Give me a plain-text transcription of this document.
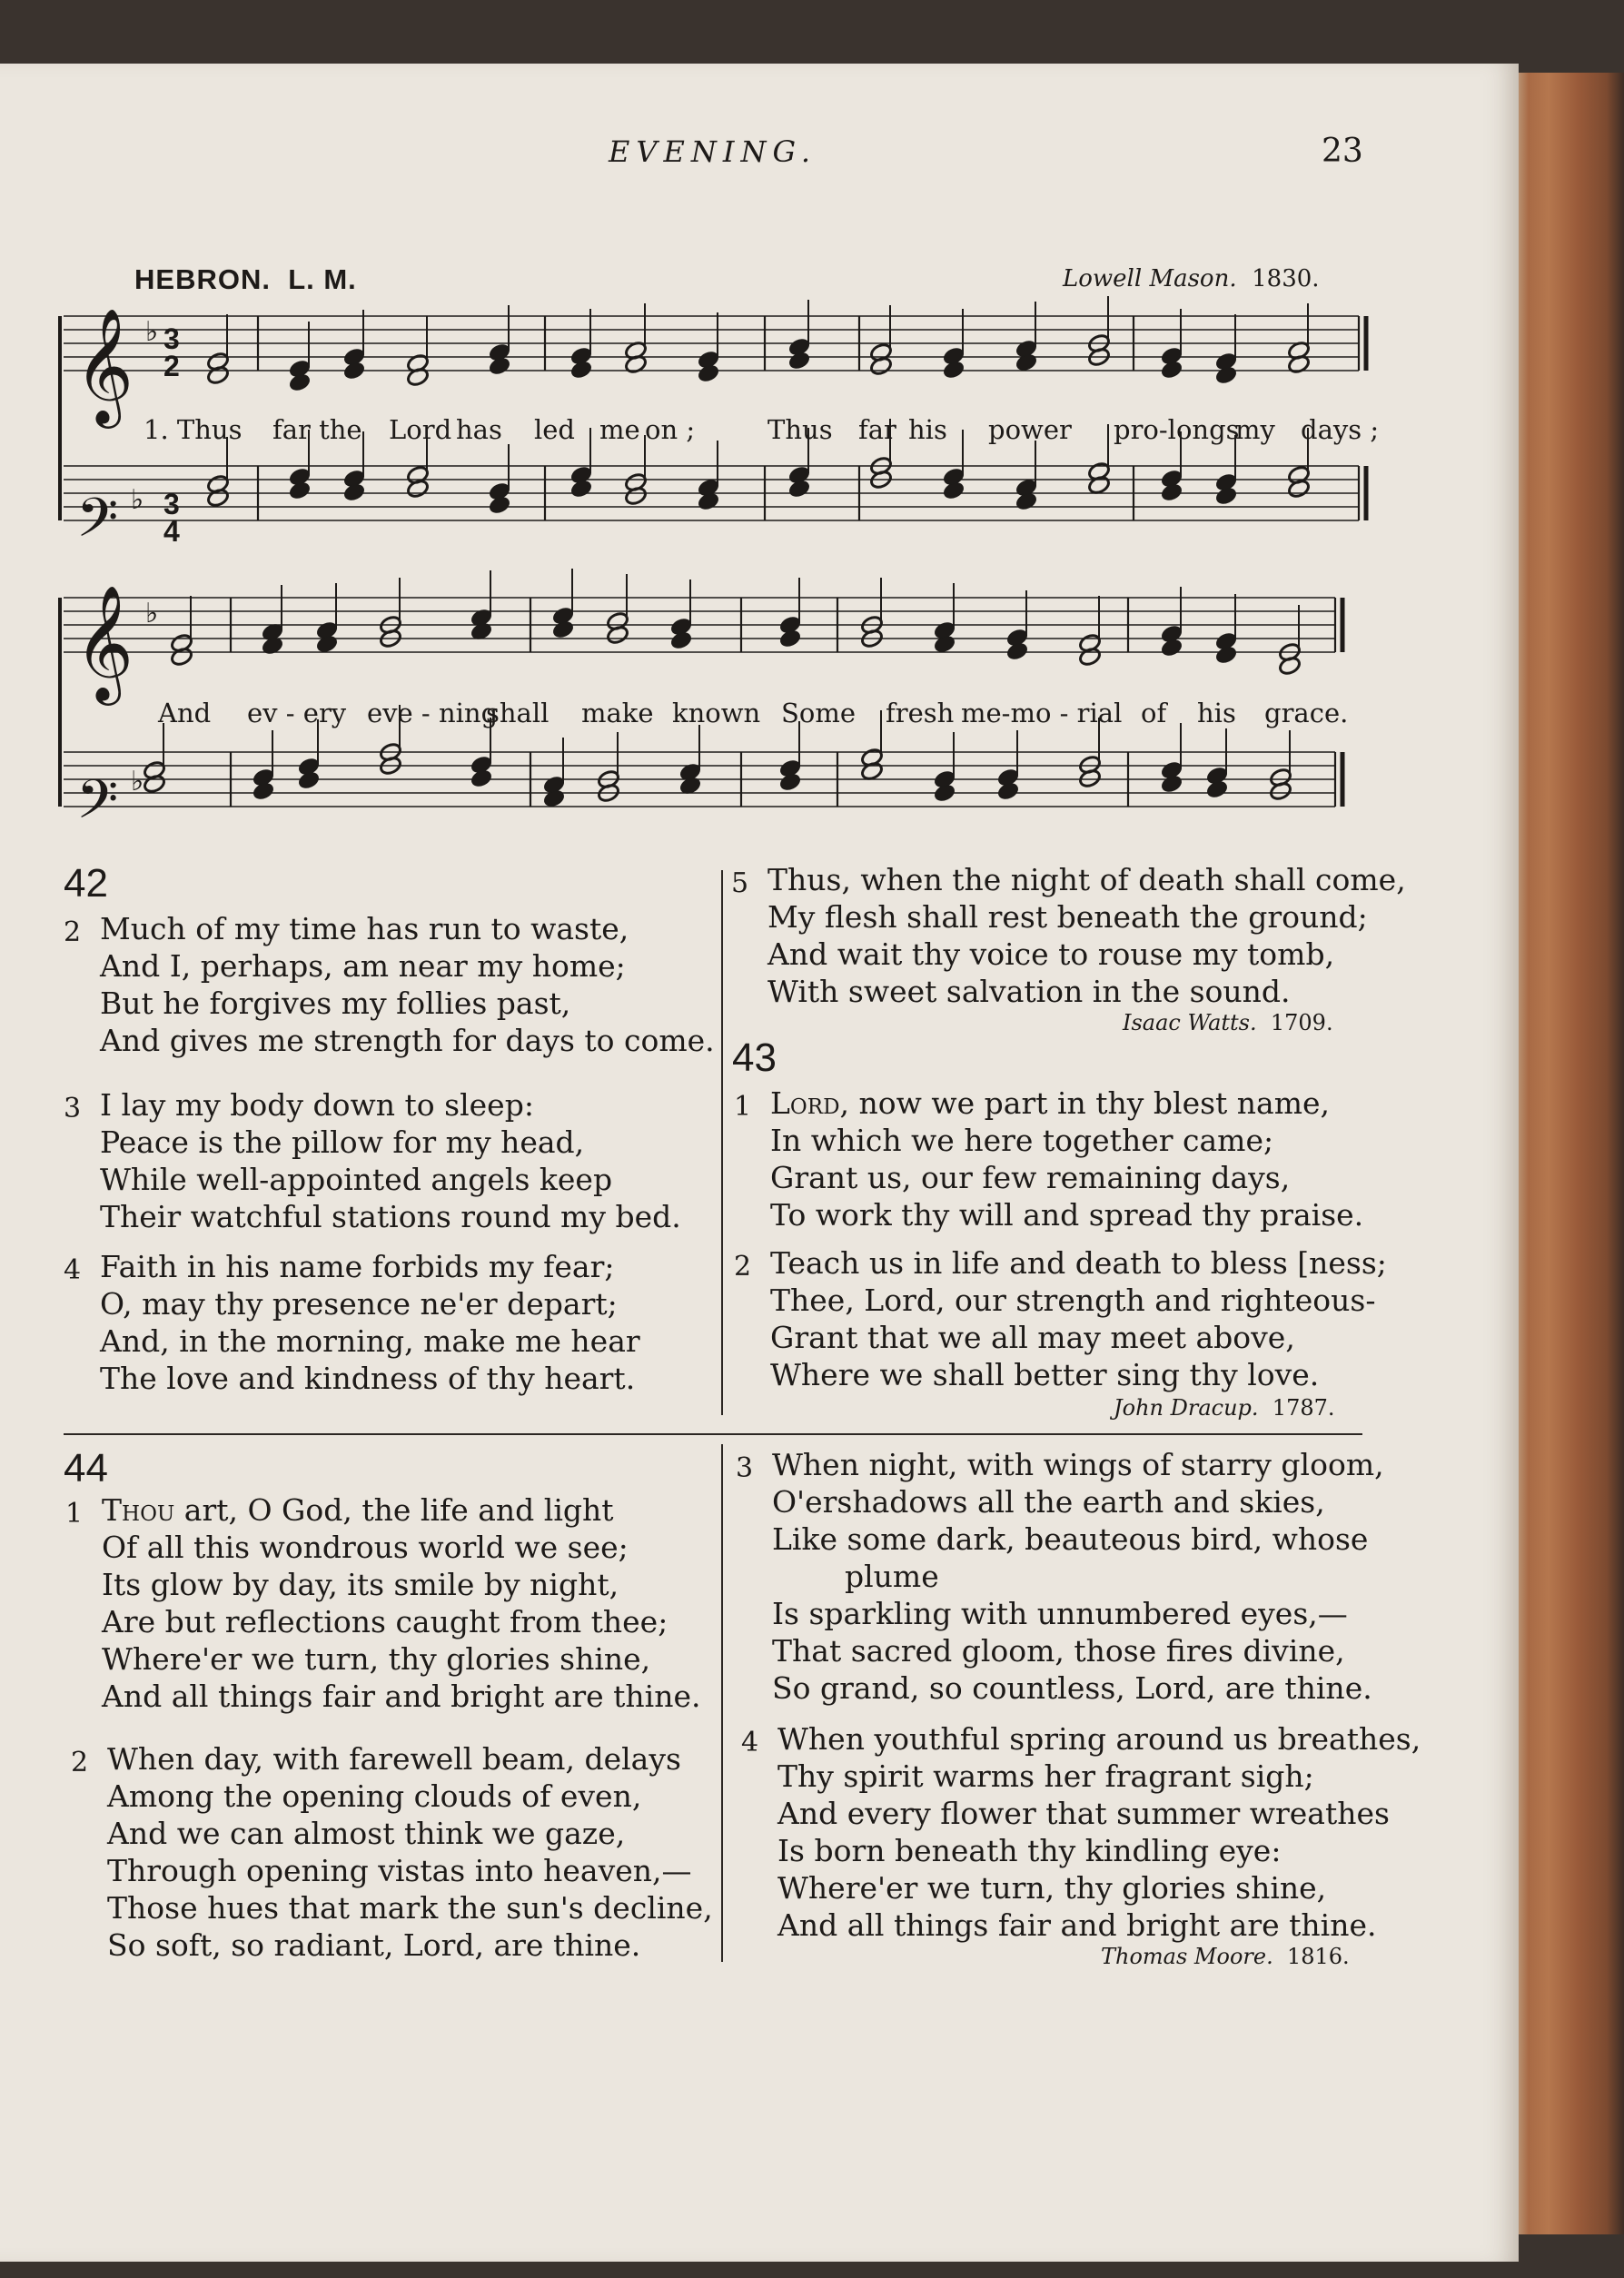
EVENING.	23
HEBRON. L. M.	Lowell Mason. 1830.
𝄞
𝄢
𝄞
𝄢
♭
♭
♭
♭
3
2
3
4
1. Thus far the Lord has led me on ;	Thus far his power pro-longs
my days ;
And ev - ery eve - ning
shall make known Some fresh me-mo - rial of his grace.
42
2 Much of my time has run to waste,
And I, perhaps, am near my home;
But he forgives my follies past,
And gives me strength for days to come.
3 I lay my body down to sleep:
Peace is the pillow for my head,
While well-appointed angels keep
Their watchful stations round my bed.
4 Faith in his name forbids my fear;
O, may thy presence ne'er depart;
And, in the morning, make me hear
The love and kindness of thy heart.
5 Thus, when the night of death shall come,
My flesh shall rest beneath the ground;
And wait thy voice to rouse my tomb,
With sweet salvation in the sound.
Isaac Watts. 1709.
43
1 Lord, now we part in thy blest name,
In which we here together came;
Grant us, our few remaining days,
To work thy will and spread thy praise.
2 Teach us in life and death to bless [ness;
Thee, Lord, our strength and righteous-
Grant that we all may meet above,
Where we shall better sing thy love.
John Dracup. 1787.
44
1 Thou art, O God, the life and light
Of all this wondrous world we see;
Its glow by day, its smile by night,
Are but reflections caught from thee;
Where'er we turn, thy glories shine,
And all things fair and bright are thine.
2 When day, with farewell beam, delays
Among the opening clouds of even,
And we can almost think we gaze,
Through opening vistas into heaven,—
Those hues that mark the sun's decline,
So soft, so radiant, Lord, are thine.
3 When night, with wings of starry gloom,
O'ershadows all the earth and skies,
Like some dark, beauteous bird, whose
plume
Is sparkling with unnumbered eyes,—
That sacred gloom, those fires divine,
So grand, so countless, Lord, are thine.
4 When youthful spring around us breathes,
Thy spirit warms her fragrant sigh;
And every flower that summer wreathes
Is born beneath thy kindling eye:
Where'er we turn, thy glories shine,
And all things fair and bright are thine.
Thomas Moore. 1816.
